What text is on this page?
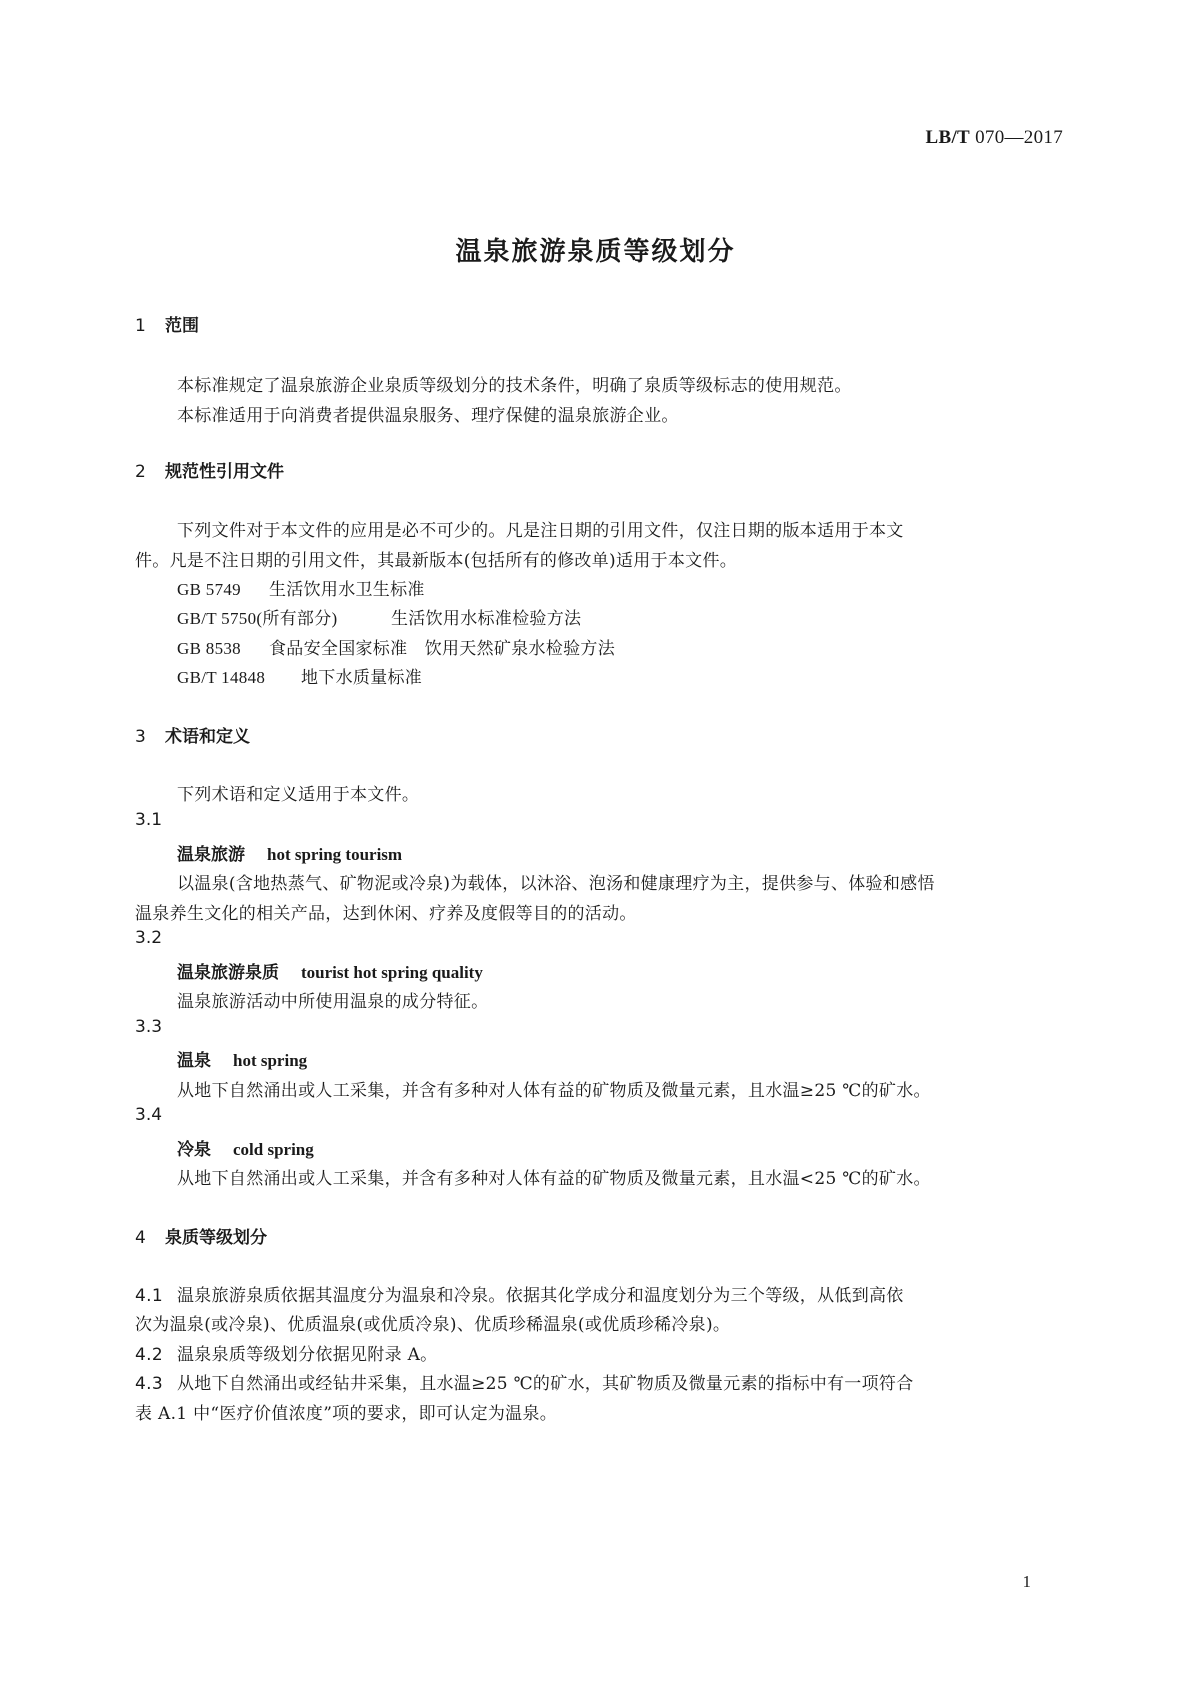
LB/T 070—2017
温泉旅游泉质等级划分
1 范围
本标准规定了温泉旅游企业泉质等级划分的技术条件，明确了泉质等级标志的使用规范。
本标准适用于向消费者提供温泉服务、理疗保健的温泉旅游企业。
2 规范性引用文件
下列文件对于本文件的应用是必不可少的。凡是注日期的引用文件，仅注日期的版本适用于本文
件。凡是不注日期的引用文件，其最新版本(包括所有的修改单)适用于本文件。
GB 5749 生活饮用水卫生标准
GB/T 5750(所有部分)	生活饮用水标准检验方法
GB 8538 食品安全国家标准　饮用天然矿泉水检验方法
GB/T 14848 地下水质量标准
3 术语和定义
下列术语和定义适用于本文件。
3.1
温泉旅游 hot spring tourism
以温泉(含地热蒸气、矿物泥或冷泉)为载体，以沐浴、泡汤和健康理疗为主，提供参与、体验和感悟
温泉养生文化的相关产品，达到休闲、疗养及度假等目的的活动。
3.2
温泉旅游泉质 tourist hot spring quality
温泉旅游活动中所使用温泉的成分特征。
3.3
温泉 hot spring
从地下自然涌出或人工采集，并含有多种对人体有益的矿物质及微量元素，且水温≥25 ℃的矿水。
3.4
冷泉 cold spring
从地下自然涌出或人工采集，并含有多种对人体有益的矿物质及微量元素，且水温<25 ℃的矿水。
4 泉质等级划分
4.1 温泉旅游泉质依据其温度分为温泉和冷泉。依据其化学成分和温度划分为三个等级，从低到高依
次为温泉(或冷泉)、优质温泉(或优质冷泉)、优质珍稀温泉(或优质珍稀冷泉)。
4.2 温泉泉质等级划分依据见附录 A。
4.3 从地下自然涌出或经钻井采集，且水温≥25 ℃的矿水，其矿物质及微量元素的指标中有一项符合
表 A.1 中“医疗价值浓度”项的要求，即可认定为温泉。
1
